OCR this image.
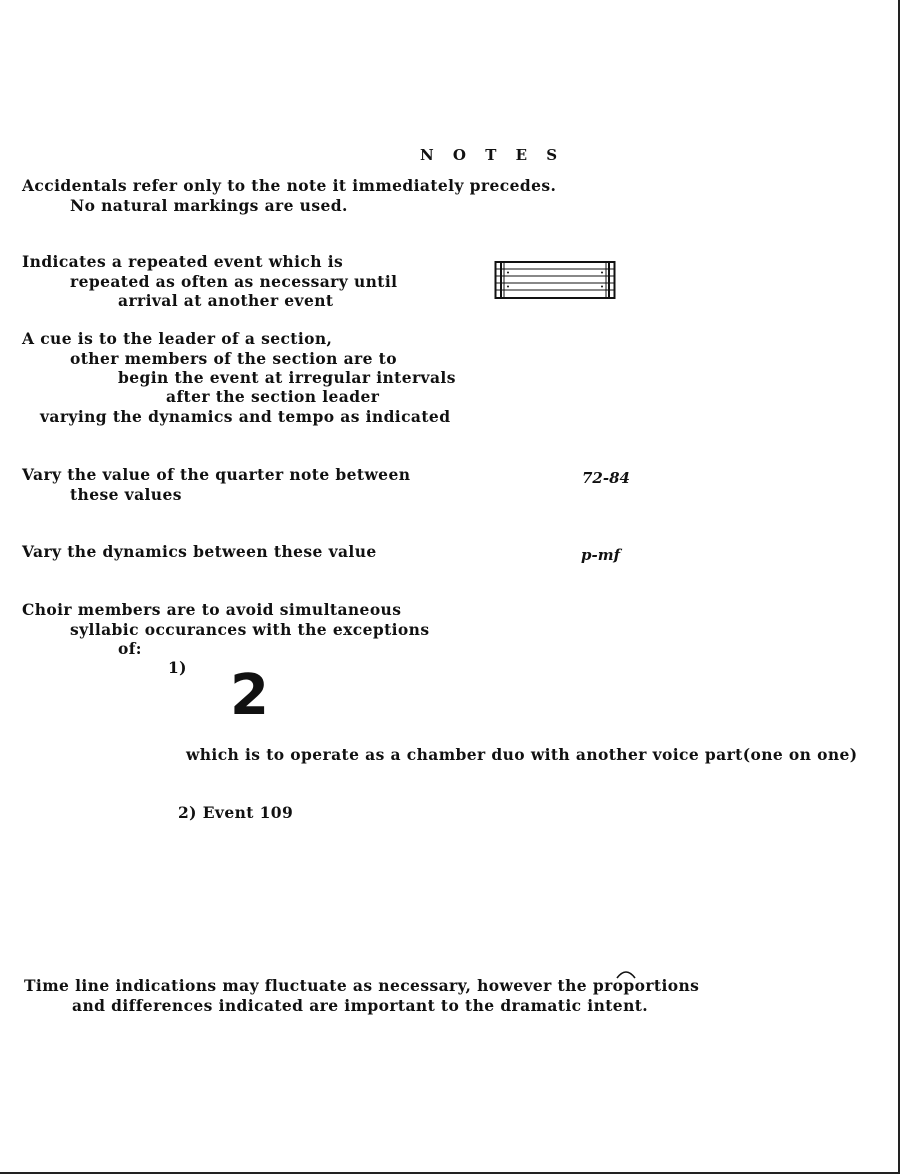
N O T E S
Accidentals refer only to the note it immediately precedes.
No natural markings are used.
Indicates a repeated event which is
repeated as often as necessary until
arrival at another event
A cue is to the leader of a section,
other members of the section are to
begin the event at irregular intervals
after the section leader
varying the dynamics and tempo as indicated
Vary the value of the quarter note between
these values
72-84
Vary the dynamics between these value	p-mf
Choir members are to avoid simultaneous
syllabic occurances with the exceptions
of:
1) 2
which is to operate as a chamber duo with another voice part(one on one)
2) Event 109
Time line indications may fluctuate as necessary, however the proportions
and differences indicated are important to the dramatic intent.
